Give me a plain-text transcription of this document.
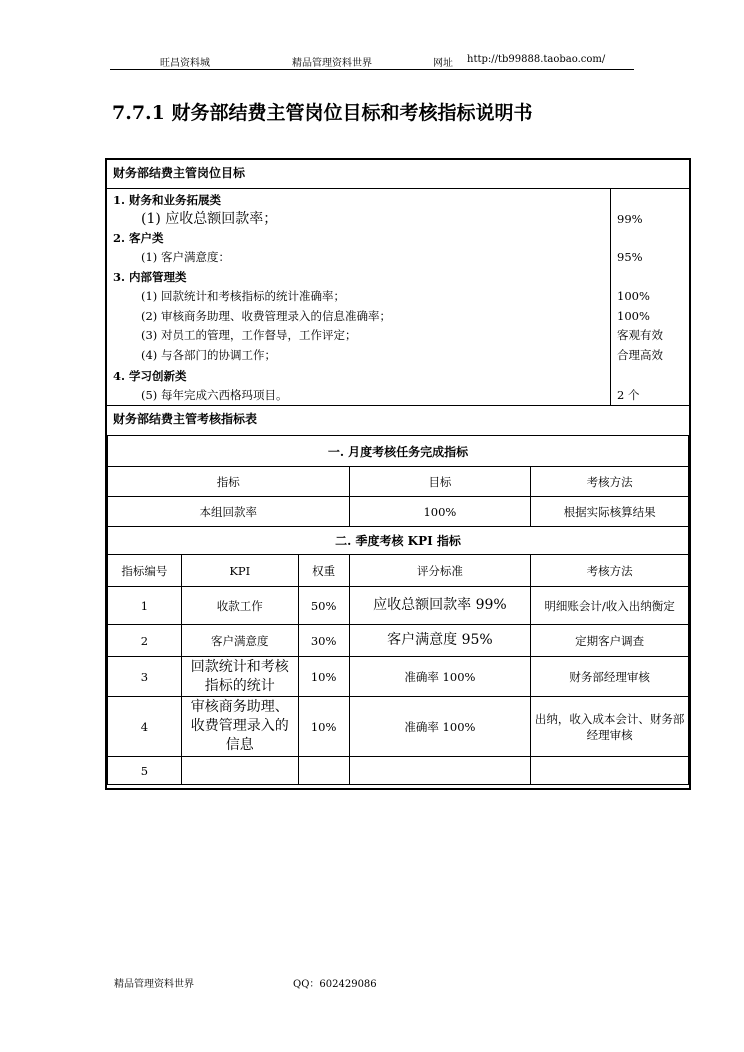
旺昌资料城	精品管理资料世界	网址 http://tb99888.taobao.com/
7.7.1 财务部结费主管岗位目标和考核指标说明书
财务部结费主管岗位目标
1. 财务和业务拓展类
(1) 应收总额回款率；	99%
2. 客户类
(1) 客户满意度：	95%
3. 内部管理类
(1) 回款统计和考核指标的统计准确率；	100%
(2) 审核商务助理、收费管理录入的信息准确率；	100%
(3) 对员工的管理，工作督导，工作评定；	客观有效
(4) 与各部门的协调工作；	合理高效
4. 学习创新类
(5) 每年完成六西格玛项目。	2 个
财务部结费主管考核指标表
一. 月度考核任务完成指标				
指标			目标	考核方法
本组回款率			100%	根据实际核算结果
二. 季度考核 KPI 指标				
指标编号	KPI	权重	评分标准	考核方法
1	收款工作	50%	应收总额回款率 99%	明细账会计/收入出纳衡定
2	客户满意度	30%	客户满意度 95%	定期客户调查
3	回款统计和考核指标的统计	10%	准确率 100%	财务部经理审核
4	审核商务助理、收费管理录入的信息	10%	准确率 100%	出纳，收入成本会计、财务部经理审核
5				
精品管理资料世界	QQ：602429086
